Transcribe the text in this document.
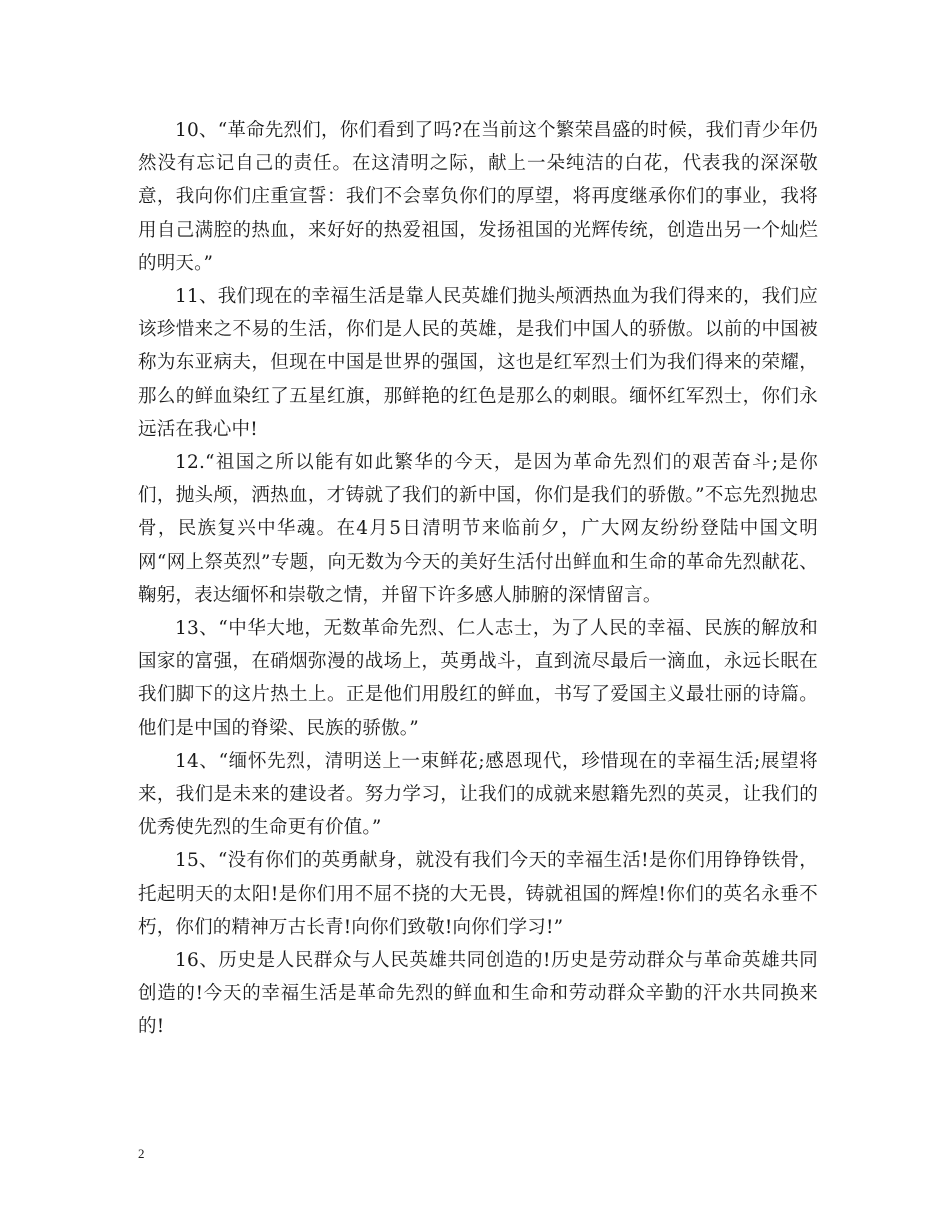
10、“革命先烈们，你们看到了吗?在当前这个繁荣昌盛的时候，我们青少年仍然没有忘记自己的责任。在这清明之际，献上一朵纯洁的白花，代表我的深深敬意，我向你们庄重宣誓：我们不会辜负你们的厚望，将再度继承你们的事业，我将用自己满腔的热血，来好好的热爱祖国，发扬祖国的光辉传统，创造出另一个灿烂的明天。”

11、我们现在的幸福生活是靠人民英雄们抛头颅洒热血为我们得来的，我们应该珍惜来之不易的生活，你们是人民的英雄，是我们中国人的骄傲。以前的中国被称为东亚病夫，但现在中国是世界的强国，这也是红军烈士们为我们得来的荣耀，那么的鲜血染红了五星红旗，那鲜艳的红色是那么的刺眼。缅怀红军烈士，你们永远活在我心中!

12.“祖国之所以能有如此繁华的今天，是因为革命先烈们的艰苦奋斗;是你们，抛头颅，洒热血，才铸就了我们的新中国，你们是我们的骄傲。”不忘先烈抛忠骨，民族复兴中华魂。在4月5日清明节来临前夕，广大网友纷纷登陆中国文明网“网上祭英烈”专题，向无数为今天的美好生活付出鲜血和生命的革命先烈献花、鞠躬，表达缅怀和崇敬之情，并留下许多感人肺腑的深情留言。

13、“中华大地，无数革命先烈、仁人志士，为了人民的幸福、民族的解放和国家的富强，在硝烟弥漫的战场上，英勇战斗，直到流尽最后一滴血，永远长眠在我们脚下的这片热土上。正是他们用殷红的鲜血，书写了爱国主义最壮丽的诗篇。他们是中国的脊梁、民族的骄傲。”

14、“缅怀先烈，清明送上一束鲜花;感恩现代，珍惜现在的幸福生活;展望将来，我们是未来的建设者。努力学习，让我们的成就来慰籍先烈的英灵，让我们的优秀使先烈的生命更有价值。”

15、“没有你们的英勇献身，就没有我们今天的幸福生活!是你们用铮铮铁骨，托起明天的太阳!是你们用不屈不挠的大无畏，铸就祖国的辉煌!你们的英名永垂不朽，你们的精神万古长青!向你们致敬!向你们学习!”

16、历史是人民群众与人民英雄共同创造的!历史是劳动群众与革命英雄共同创造的!今天的幸福生活是革命先烈的鲜血和生命和劳动群众辛勤的汗水共同换来的!

2
